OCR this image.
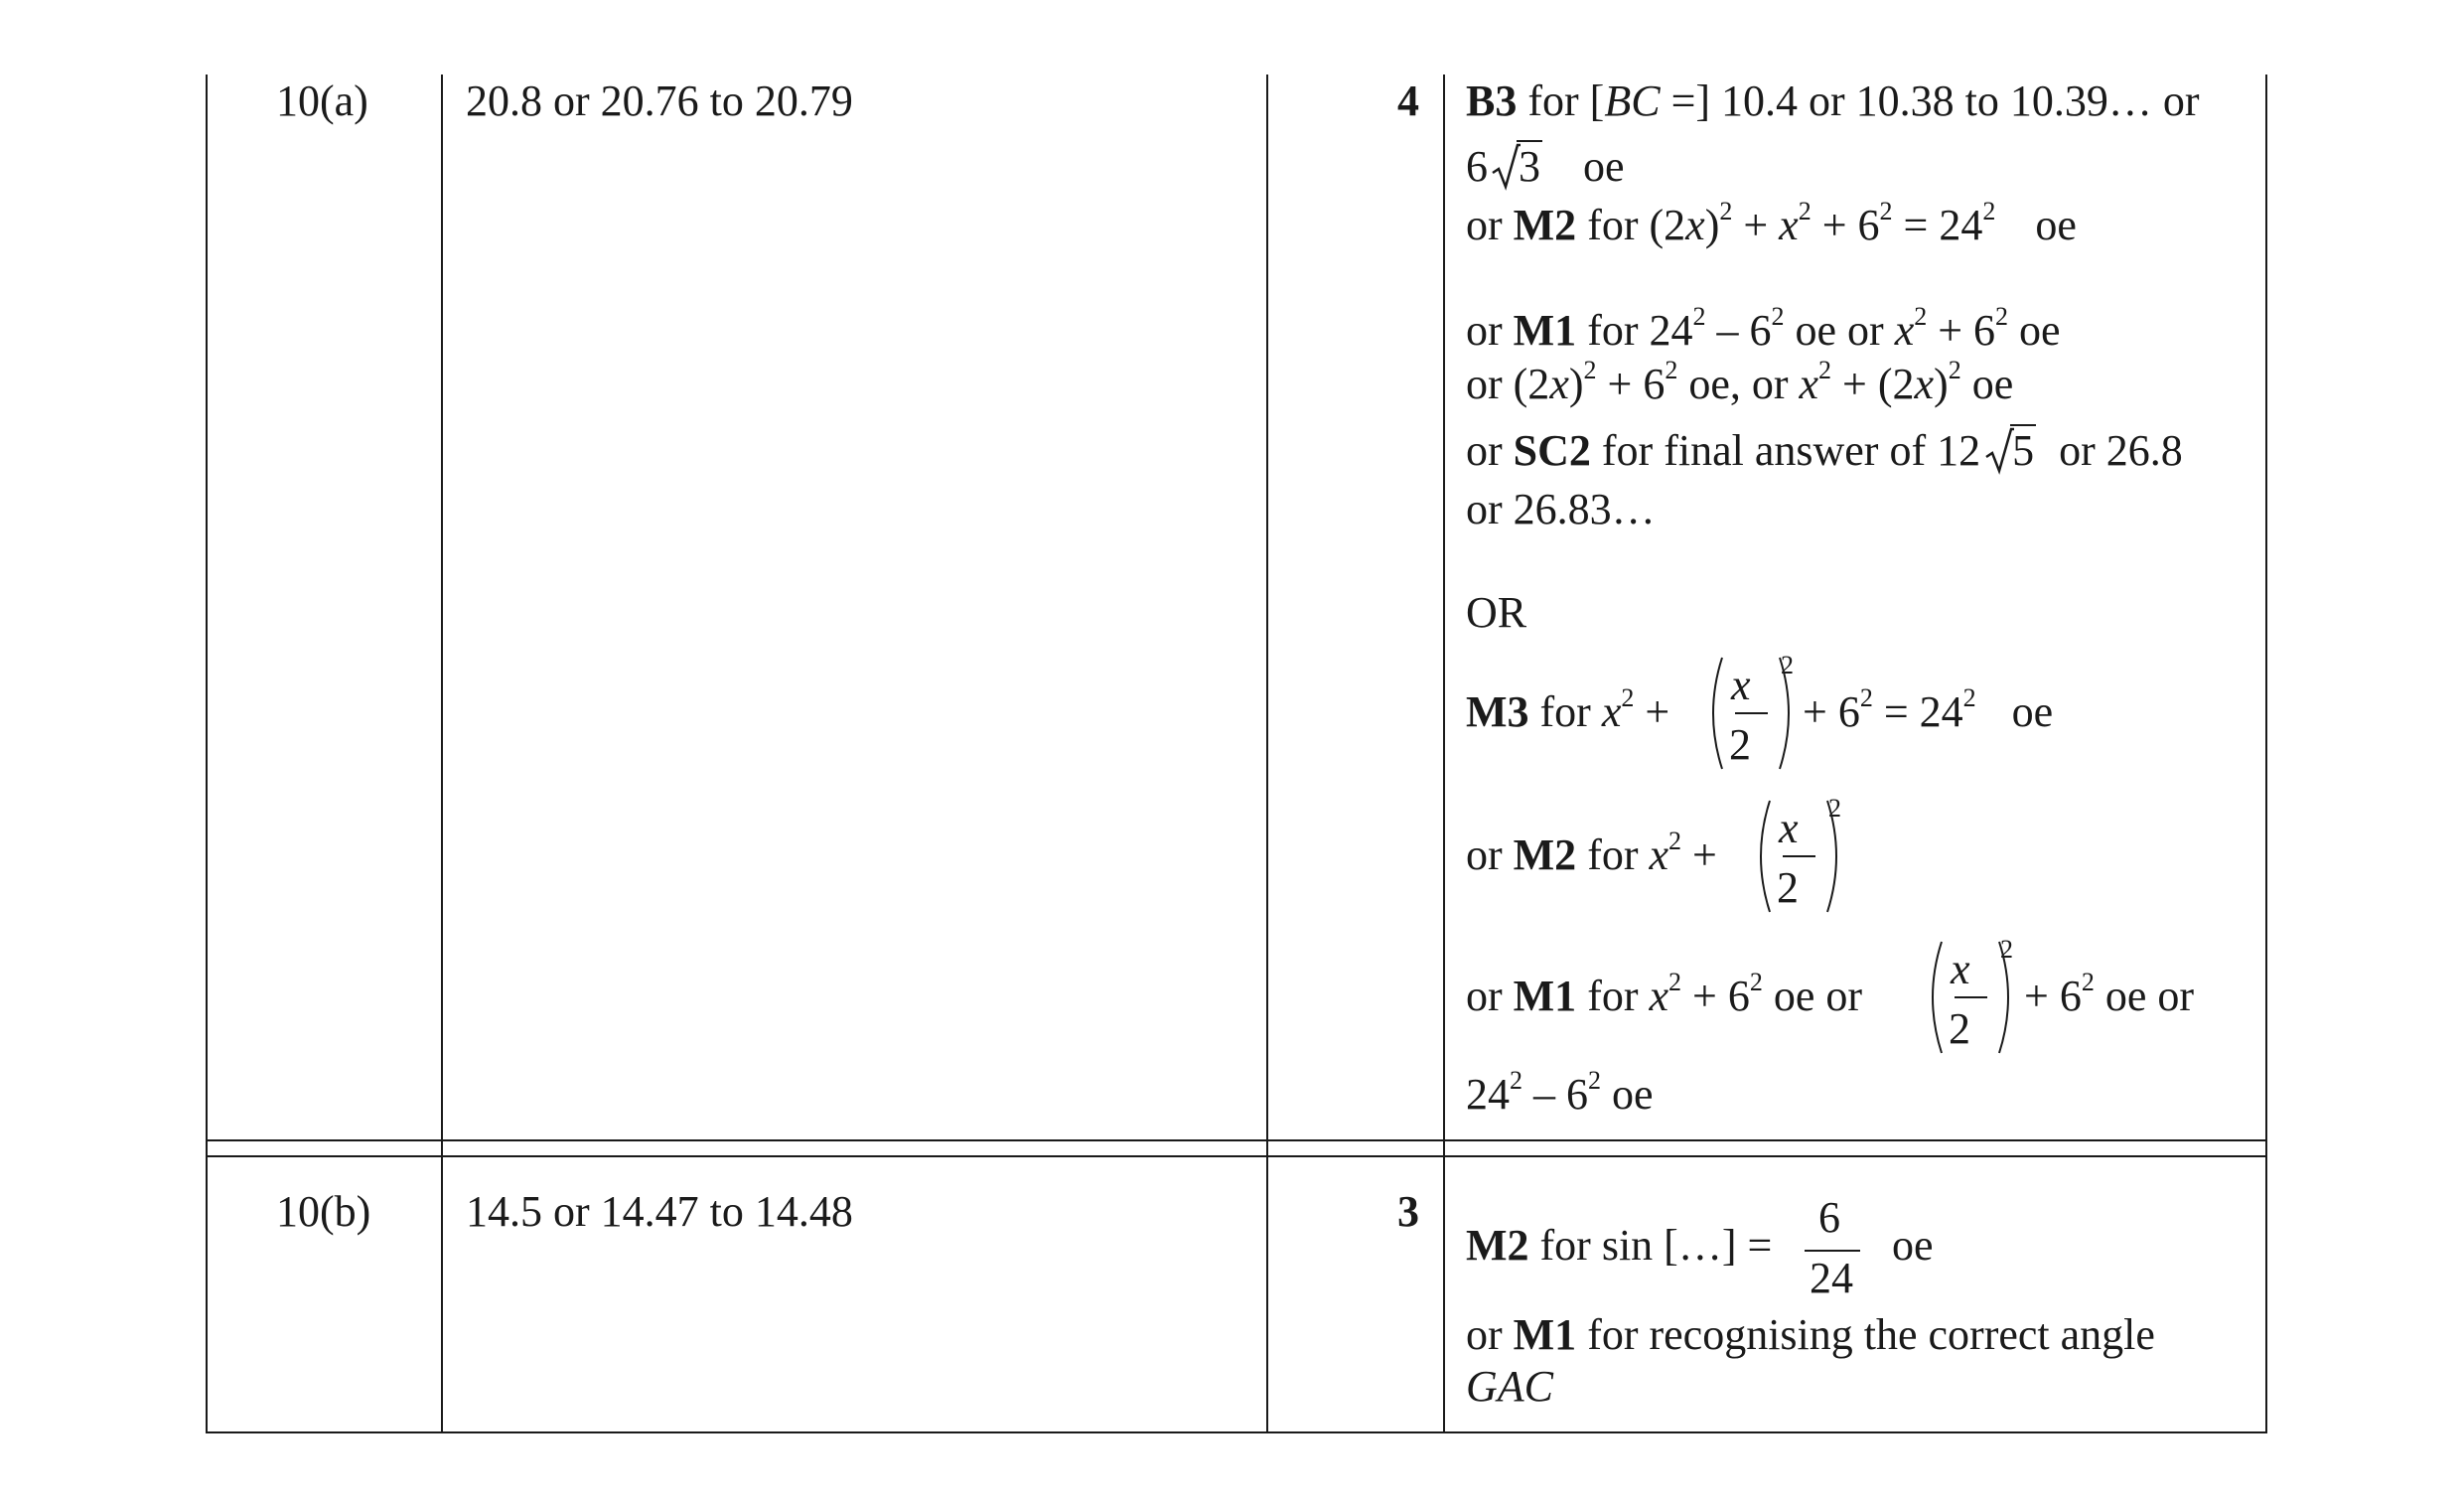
10(a) 20.8 or 20.76 to 20.79	4 B3 for [BC =] 10.4 or 10.38 to 10.39… or
6 3 oe
or M2 for $(2x)^2 + x^2 + 6^2 = 24^2$ oe
or M1 for $24^2 - 6^2$ oe or $x^2 + 6^2$ oe
or $(2x)^2 + 6^2$ oe, or $x^2 + (2x)^2$ oe
or SC2 for final answer of 12 5 or 26.8
or 26.83…
OR
M3 for $x^2$ +
x
2
2
+ $6^2 = 24^2$ oe
or M2 for $x^2$ +
x
2
2
or M1 for $x^2 + 6^2$ oe or
x
2
2
+ $6^2$ oe or
$24^2 - 6^2$ oe
10(b) 14.5 or 14.47 to 14.48	3
M2 for sin […] =
6
24
oe
or M1 for recognising the correct angle
GAC
